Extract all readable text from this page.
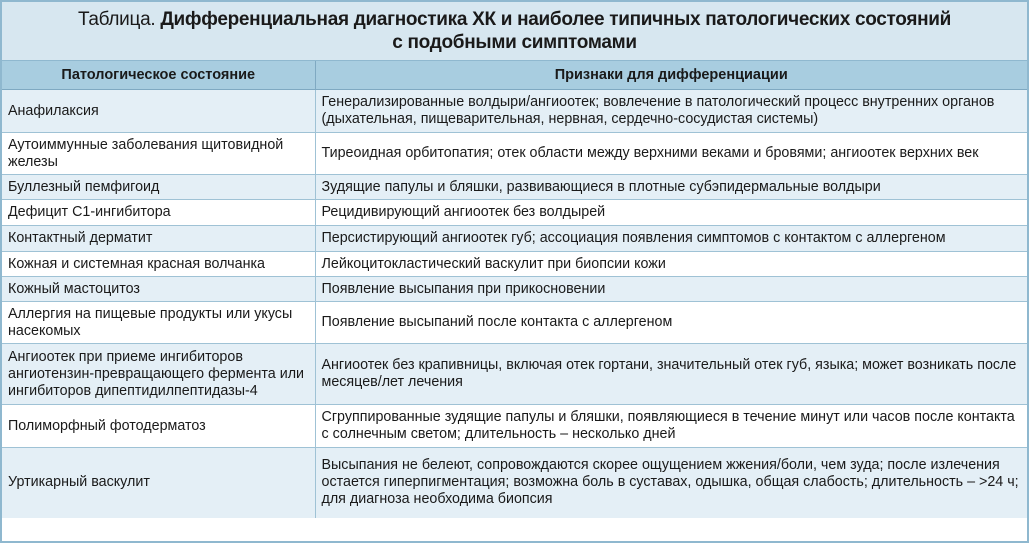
Таблица. Дифференциальная диагностика ХК и наиболее типичных патологических состояний
с подобными симптомами
Патологическое состояние	Признаки для дифференциации
Анафилаксия	Генерализированные волдыри/ангиоотек; вовлечение в патологический процесс внутренних органов (дыхательная, пищеварительная, нервная, сердечно-сосудистая системы)
Аутоиммунные заболевания щитовидной железы	Тиреоидная орбитопатия; отек области между верхними веками и бровями; ангиоотек верхних век
Буллезный пемфигоид	Зудящие папулы и бляшки, развивающиеся в плотные субэпидермальные волдыри
Дефицит С1-ингибитора	Рецидивирующий ангиоотек без волдырей
Контактный дерматит	Персистирующий ангиоотек губ; ассоциация появления симптомов с контактом с аллергеном
Кожная и системная красная волчанка	Лейкоцитокластический васкулит при биопсии кожи
Кожный мастоцитоз	Появление высыпания при прикосновении
Аллергия на пищевые продукты или укусы насекомых	Появление высыпаний после контакта с аллергеном
Ангиоотек при приеме ингибиторов ангиотензин-превращающего фермента или ингибиторов дипептидилпептидазы-4	Ангиоотек без крапивницы, включая отек гортани, значительный отек губ, языка; может возникать после месяцев/лет лечения
Полиморфный фотодерматоз	Сгруппированные зудящие папулы и бляшки, появляющиеся в течение минут или часов после контакта с солнечным светом; длительность – несколько дней
Уртикарный васкулит	Высыпания не белеют, сопровождаются скорее ощущением жжения/боли, чем зуда; после излечения остается гиперпигментация; возможна боль в суставах, одышка, общая слабость; длительность – >24 ч; для диагноза необходима биопсия
